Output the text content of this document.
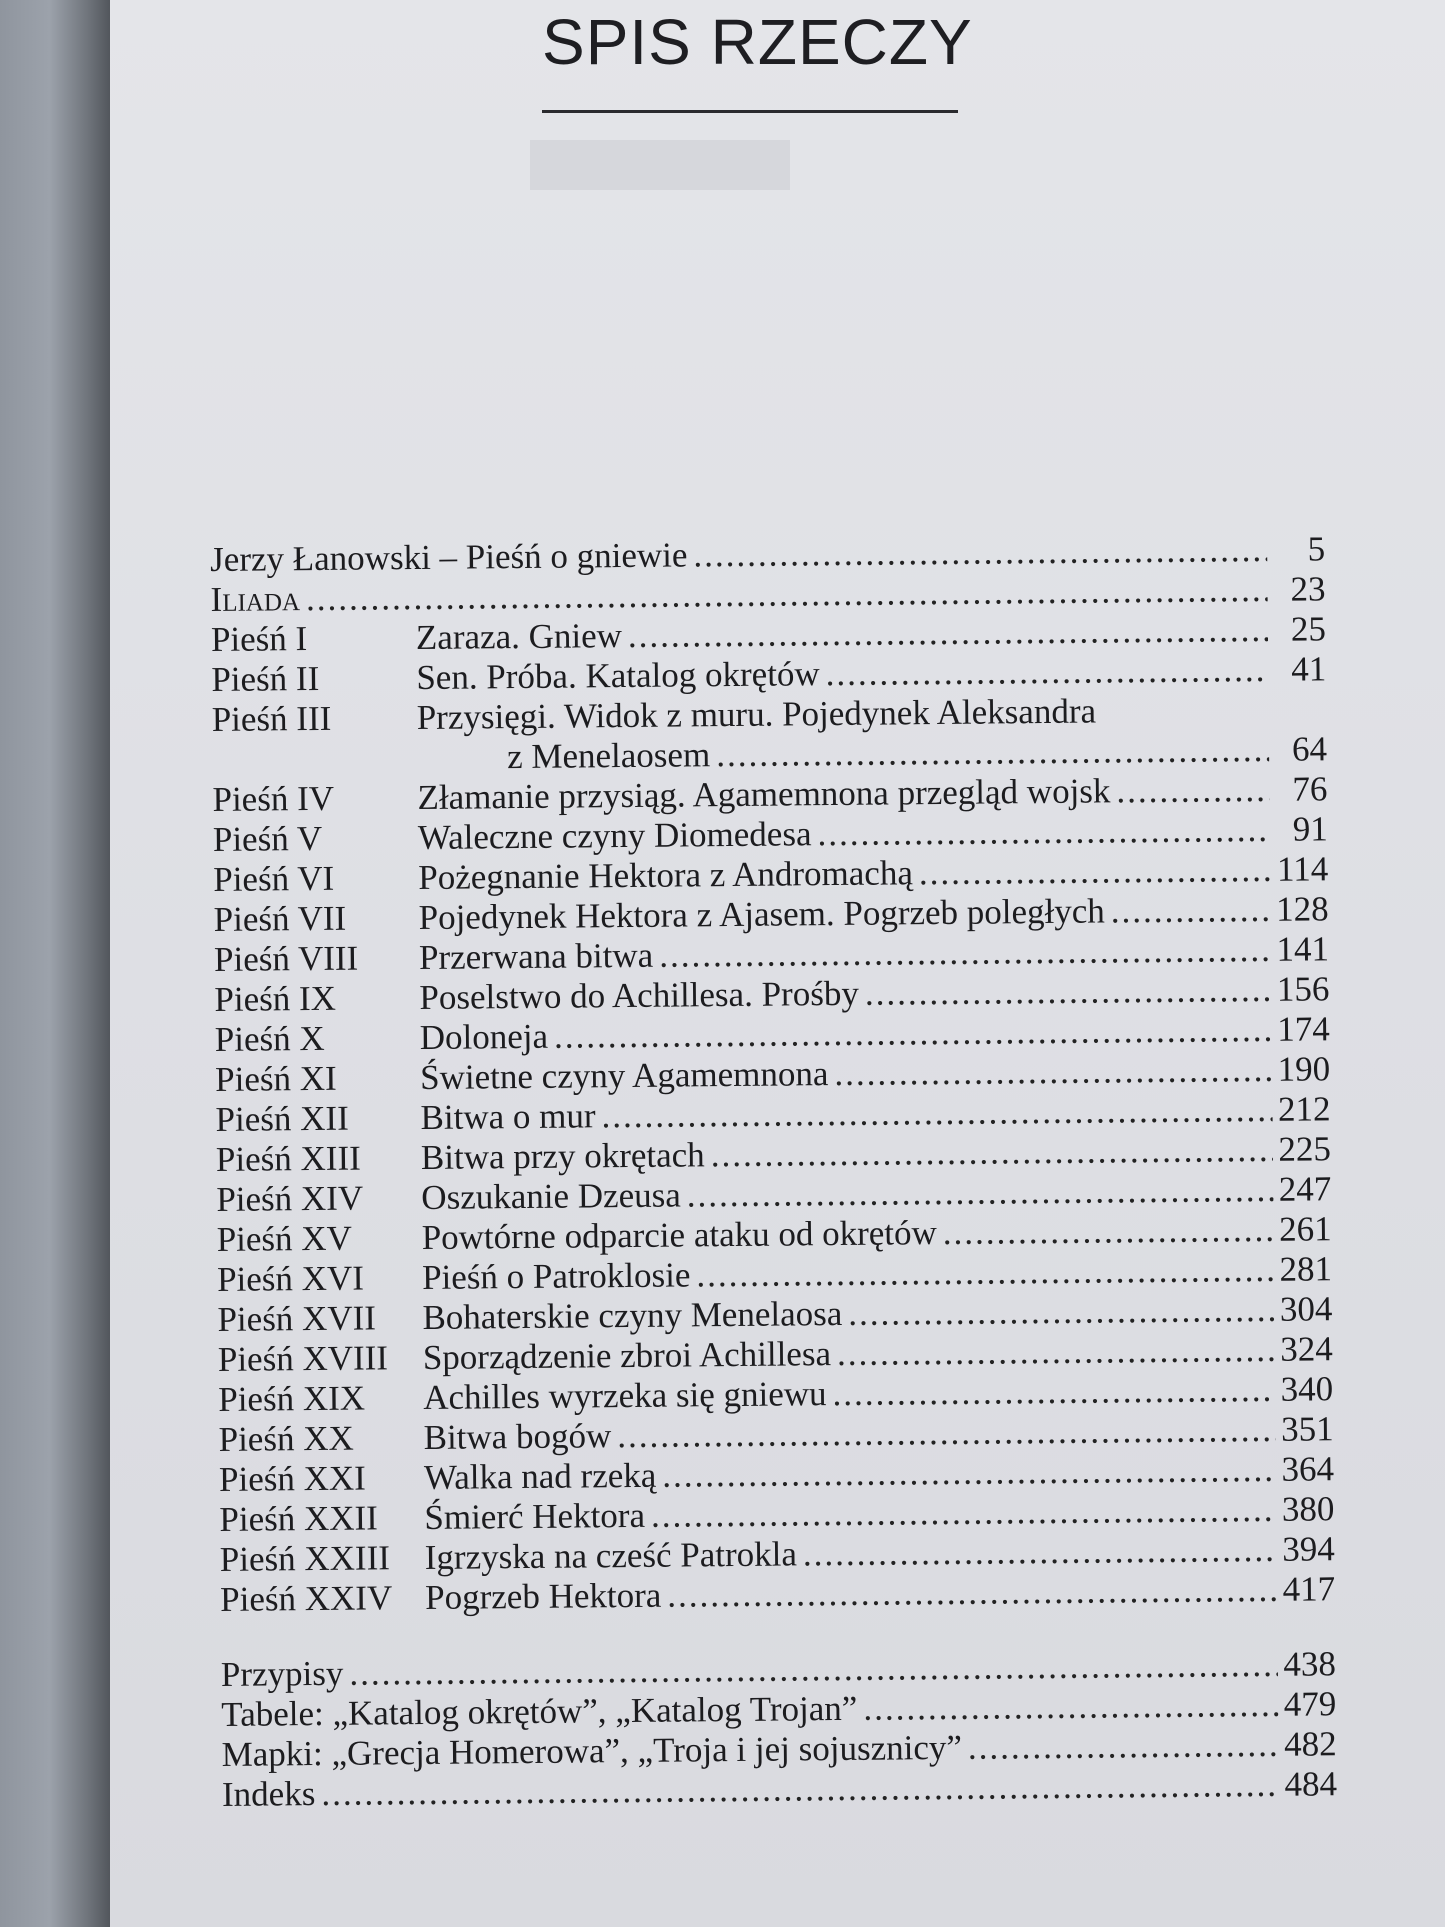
SPIS RZECZY
Jerzy Łanowski – Pieśń o gniewie .....	5
Iliada .....	23
Pieśń I	Zaraza. Gniew .....	25
Pieśń II	Sen. Próba. Katalog okrętów .....	41
Pieśń III	Przysięgi. Widok z muru. Pojedynek Aleksandra
z Menelaosem .....	64
Pieśń IV	Złamanie przysiąg. Agamemnona przegląd wojsk .....	76
Pieśń V	Waleczne czyny Diomedesa .....	91
Pieśń VI	Pożegnanie Hektora z Andromachą .....	114
Pieśń VII	Pojedynek Hektora z Ajasem. Pogrzeb poległych .....	128
Pieśń VIII	Przerwana bitwa .....	141
Pieśń IX	Poselstwo do Achillesa. Prośby .....	156
Pieśń X	Doloneja .....	174
Pieśń XI	Świetne czyny Agamemnona .....	190
Pieśń XII	Bitwa o mur .....	212
Pieśń XIII	Bitwa przy okrętach .....	225
Pieśń XIV	Oszukanie Dzeusa .....	247
Pieśń XV	Powtórne odparcie ataku od okrętów .....	261
Pieśń XVI	Pieśń o Patroklosie .....	281
Pieśń XVII	Bohaterskie czyny Menelaosa .....	304
Pieśń XVIII Sporządzenie zbroi Achillesa .....	324
Pieśń XIX	Achilles wyrzeka się gniewu .....	340
Pieśń XX	Bitwa bogów .....	351
Pieśń XXI	Walka nad rzeką .....	364
Pieśń XXII	Śmierć Hektora .....	380
Pieśń XXIII Igrzyska na cześć Patrokla .....	394
Pieśń XXIV Pogrzeb Hektora .....	417
Przypisy .....	438
Tabele: „Katalog okrętów”, „Katalog Trojan” .....	479
Mapki: „Grecja Homerowa”, „Troja i jej sojusznicy” .....	482
Indeks .....	484
